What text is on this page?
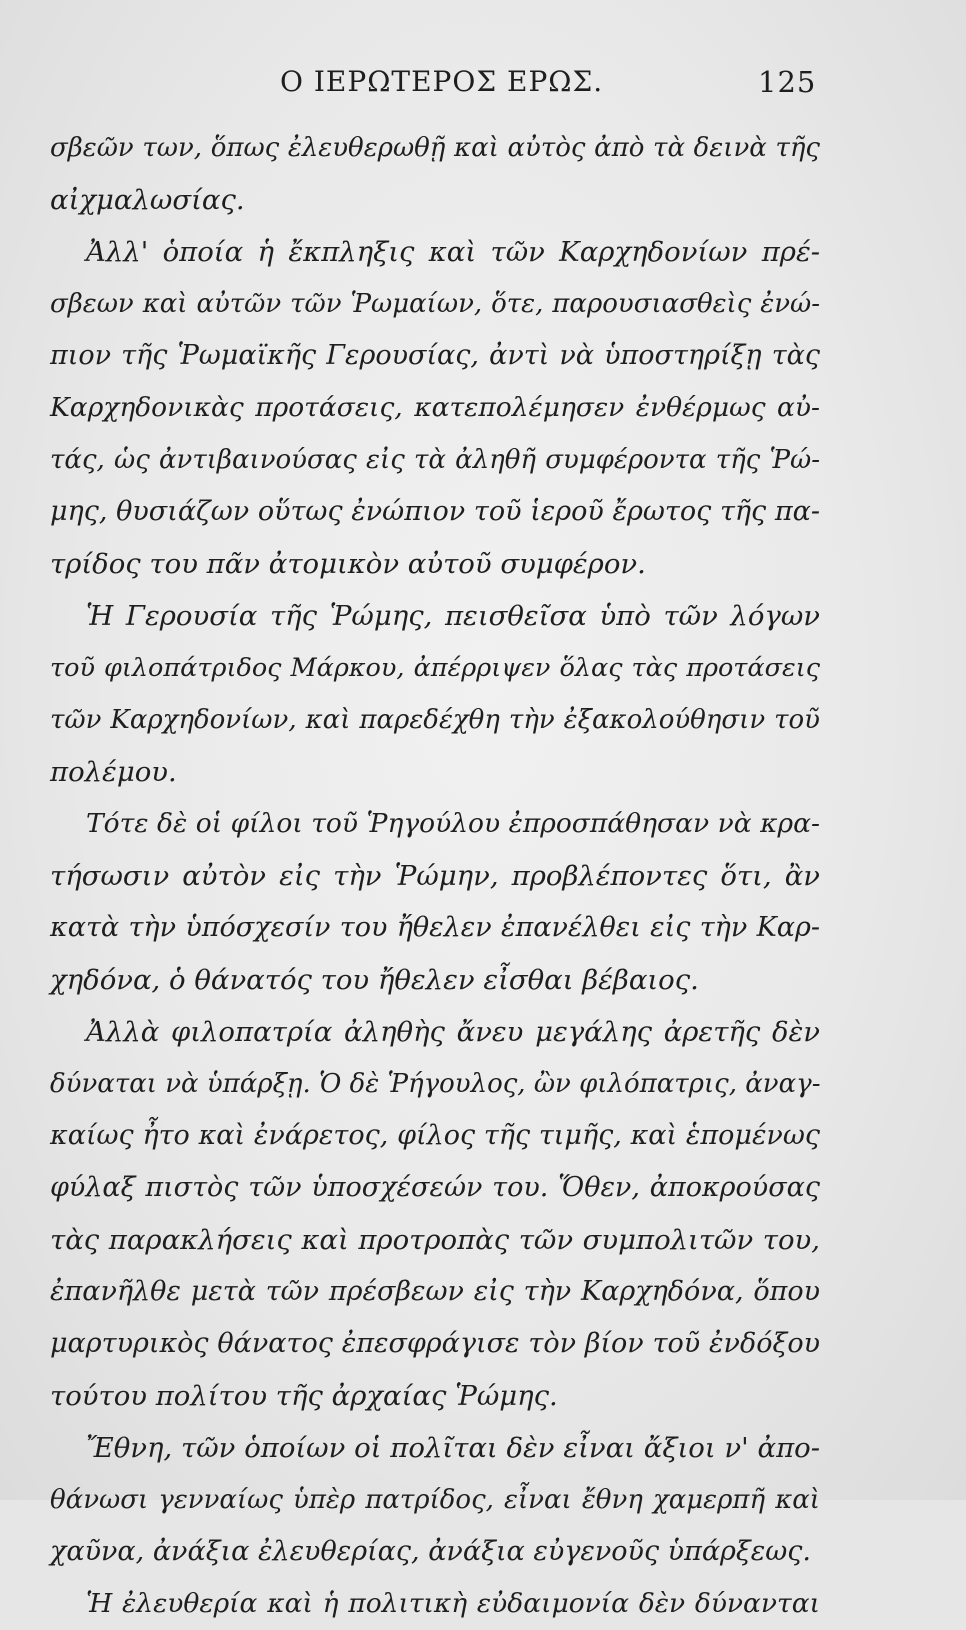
Ο ΙΕΡΩΤΕΡΟΣ ΕΡΩΣ.	125
σβεῶν των, ὅπως ἐλευθερωθῇ καὶ αὐτὸς ἀπὸ τὰ δεινὰ τῆς
αἰχμαλωσίας.
Ἀλλ' ὁποία ἡ ἔκπληξις καὶ τῶν Καρχηδονίων πρέ-
σβεων καὶ αὐτῶν τῶν Ῥωμαίων, ὅτε, παρουσιασθεὶς ἐνώ-
πιον τῆς Ῥωμαϊκῆς Γερουσίας, ἀντὶ νὰ ὑποστηρίξῃ τὰς
Καρχηδονικὰς προτάσεις, κατεπολέμησεν ἐνθέρμως αὐ-
τάς, ὡς ἀντιβαινούσας εἰς τὰ ἀληθῆ συμφέροντα τῆς Ῥώ-
μης, θυσιάζων οὕτως ἐνώπιον τοῦ ἱεροῦ ἔρωτος τῆς πα-
τρίδος του πᾶν ἀτομικὸν αὐτοῦ συμφέρον.
Ἡ Γερουσία τῆς Ῥώμης, πεισθεῖσα ὑπὸ τῶν λόγων
τοῦ φιλοπάτριδος Μάρκου, ἀπέρριψεν ὅλας τὰς προτάσεις
τῶν Καρχηδονίων, καὶ παρεδέχθη τὴν ἐξακολούθησιν τοῦ
πολέμου.
Τότε δὲ οἱ φίλοι τοῦ Ῥηγούλου ἐπροσπάθησαν νὰ κρα-
τήσωσιν αὐτὸν εἰς τὴν Ῥώμην, προβλέποντες ὅτι, ἂν
κατὰ τὴν ὑπόσχεσίν του ἤθελεν ἐπανέλθει εἰς τὴν Καρ-
χηδόνα, ὁ θάνατός του ἤθελεν εἶσθαι βέβαιος.
Ἀλλὰ φιλοπατρία ἀληθὴς ἄνευ μεγάλης ἀρετῆς δὲν
δύναται νὰ ὑπάρξῃ. Ὁ δὲ Ῥήγουλος, ὢν φιλόπατρις, ἀναγ-
καίως ἦτο καὶ ἐνάρετος, φίλος τῆς τιμῆς, καὶ ἑπομένως
φύλαξ πιστὸς τῶν ὑποσχέσεών του. Ὅθεν, ἀποκρούσας
τὰς παρακλήσεις καὶ προτροπὰς τῶν συμπολιτῶν του,
ἐπανῆλθε μετὰ τῶν πρέσβεων εἰς τὴν Καρχηδόνα, ὅπου
μαρτυρικὸς θάνατος ἐπεσφράγισε τὸν βίον τοῦ ἐνδόξου
τούτου πολίτου τῆς ἀρχαίας Ῥώμης.
Ἔθνη, τῶν ὁποίων οἱ πολῖται δὲν εἶναι ἄξιοι ν' ἀπο-
θάνωσι γενναίως ὑπὲρ πατρίδος, εἶναι ἔθνη χαμερπῆ καὶ
χαῦνα, ἀνάξια ἐλευθερίας, ἀνάξια εὐγενοῦς ὑπάρξεως.
Ἡ ἐλευθερία καὶ ἡ πολιτικὴ εὐδαιμονία δὲν δύνανται
